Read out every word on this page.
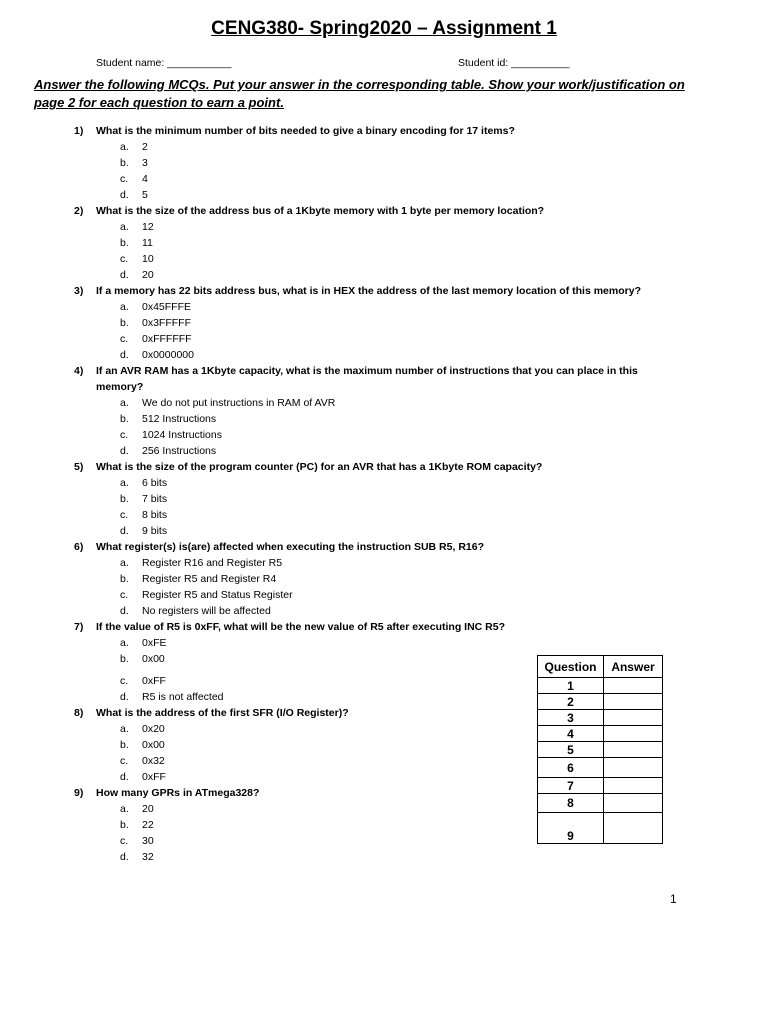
CENG380- Spring2020 – Assignment 1
Student name: ___________	Student id: __________
Answer the following MCQs. Put your answer in the corresponding table. Show your work/justification on page 2 for each question to earn a point.
1)	What is the minimum number of bits needed to give a binary encoding for 17 items?
a.	2
b.	3
c.	4
d.	5
2)	What is the size of the address bus of a 1Kbyte memory with 1 byte per memory location?
a.	12
b.	11
c.	10
d.	20
3)	If a memory has 22 bits address bus, what is in HEX the address of the last memory location of this memory?
a.	0x45FFFE
b.	0x3FFFFF
c.	0xFFFFFF
d.	0x0000000
4)	If an AVR RAM has a 1Kbyte capacity, what is the maximum number of instructions that you can place in this memory?
a.	We do not put instructions in RAM of AVR
b.	512 Instructions
c.	1024 Instructions
d.	256 Instructions
5)	What is the size of the program counter (PC) for an AVR that has a 1Kbyte ROM capacity?
a.	6 bits
b.	7 bits
c.	8 bits
d.	9 bits
6)	What register(s) is(are) affected when executing the instruction SUB R5, R16?
a.	Register R16 and Register R5
b.	Register R5 and Register R4
c.	Register R5 and Status Register
d.	No registers will be affected
7)	If the value of R5 is 0xFF, what will be the new value of R5 after executing INC R5?
a.	0xFE
b.	0x00
c.	0xFF
d.	R5 is not affected
8)	What is the address of the first SFR (I/O Register)?
a.	0x20
b.	0x00
c.	0x32
d.	0xFF
9)	How many GPRs in ATmega328?
a.	20
b.	22
c.	30
d.	32
Question	Answer
1	
2	
3	
4	
5	
6	
7	
8	
9	
1
